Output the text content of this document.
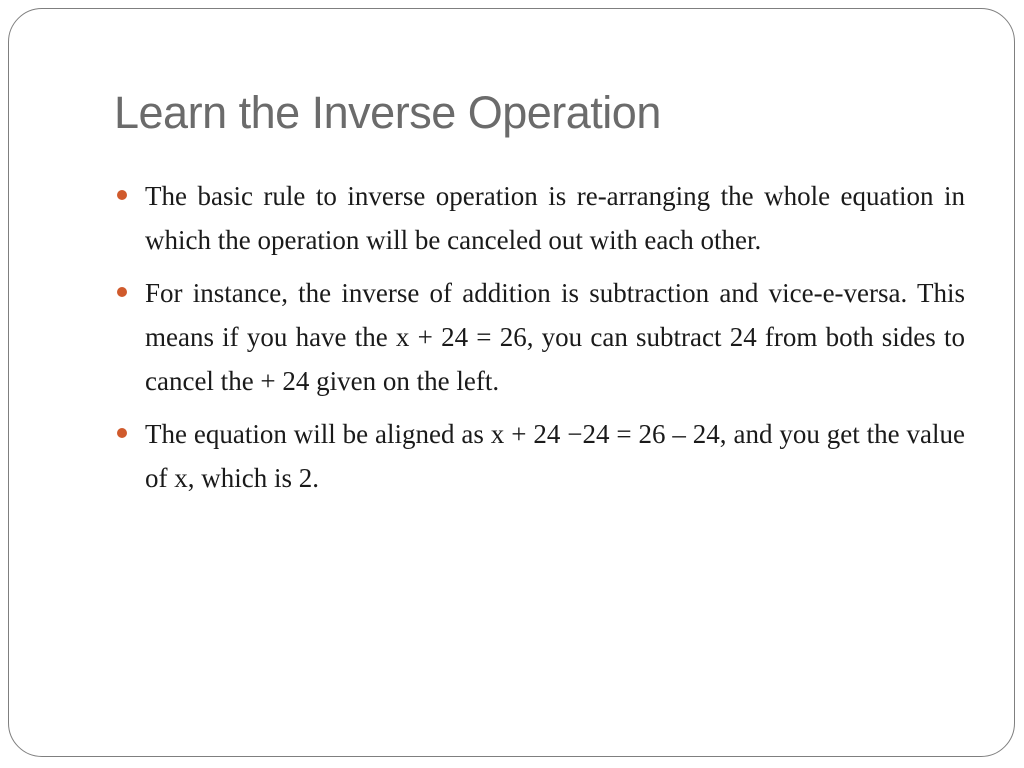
Learn the Inverse Operation
The basic rule to inverse operation is re-arranging the whole equation in which the operation will be canceled out with each other.
For instance, the inverse of addition is subtraction and vice-e-versa. This means if you have the x + 24 = 26, you can subtract 24 from both sides to cancel the + 24 given on the left.
The equation will be aligned as x + 24 −24 = 26 – 24, and you get the value of x, which is 2.
